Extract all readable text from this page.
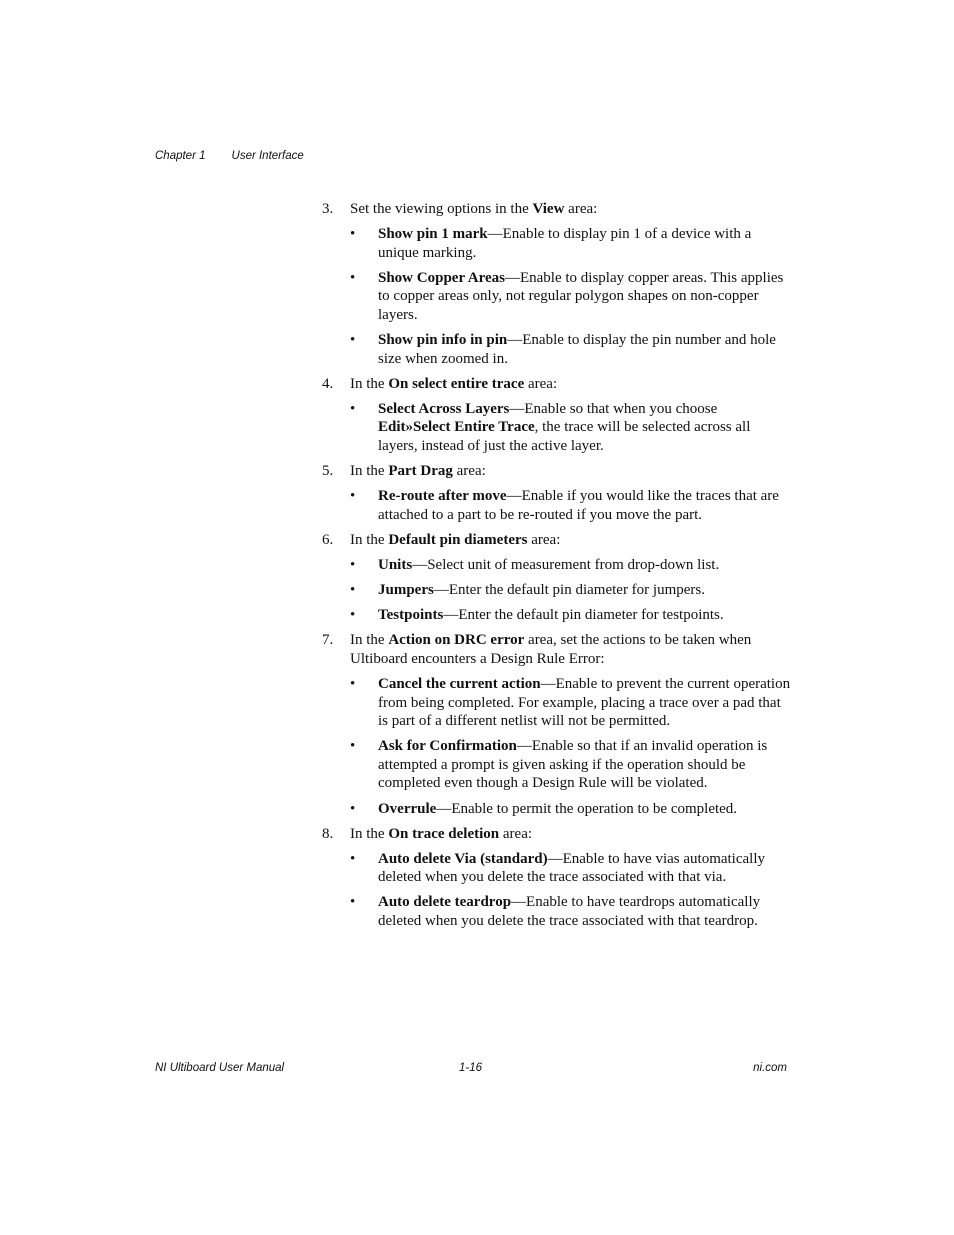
Chapter 1 User Interface
3.	Set the viewing options in the View area:
•	Show pin 1 mark—Enable to display pin 1 of a device with a unique marking.
•	Show Copper Areas—Enable to display copper areas. This applies to copper areas only, not regular polygon shapes on non-copper layers.
•	Show pin info in pin—Enable to display the pin number and hole size when zoomed in.
4.	In the On select entire trace area:
•	Select Across Layers—Enable so that when you choose Edit»Select Entire Trace, the trace will be selected across all layers, instead of just the active layer.
5.	In the Part Drag area:
•	Re-route after move—Enable if you would like the traces that are attached to a part to be re-routed if you move the part.
6.	In the Default pin diameters area:
•	Units—Select unit of measurement from drop-down list.
•	Jumpers—Enter the default pin diameter for jumpers.
•	Testpoints—Enter the default pin diameter for testpoints.
7.	In the Action on DRC error area, set the actions to be taken when Ultiboard encounters a Design Rule Error:
•	Cancel the current action—Enable to prevent the current operation from being completed. For example, placing a trace over a pad that is part of a different netlist will not be permitted.
•	Ask for Confirmation—Enable so that if an invalid operation is attempted a prompt is given asking if the operation should be completed even though a Design Rule will be violated.
•	Overrule—Enable to permit the operation to be completed.
8.	In the On trace deletion area:
•	Auto delete Via (standard)—Enable to have vias automatically deleted when you delete the trace associated with that via.
•	Auto delete teardrop—Enable to have teardrops automatically deleted when you delete the trace associated with that teardrop.
NI Ultiboard User Manual	1-16	ni.com
